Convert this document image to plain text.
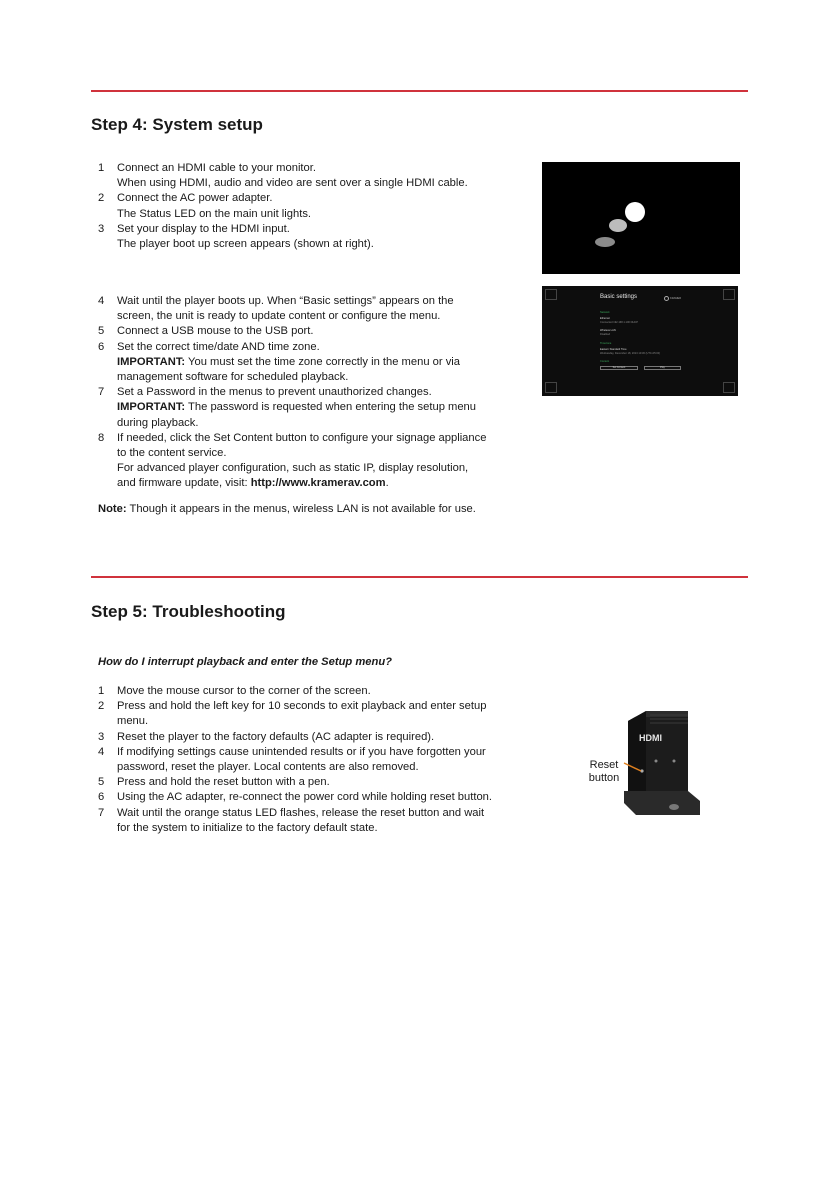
Step 4: System setup
1 Connect an HDMI cable to your monitor.
When using HDMI, audio and video are sent over a single HDMI cable.
2 Connect the AC power adapter.
The Status LED on the main unit lights.
3 Set your display to the HDMI input.
The player boot up screen appears (shown at right).
4 Wait until the player boots up. When “Basic settings” appears on the
screen, the unit is ready to update content or configure the menu.
5 Connect a USB mouse to the USB port.
6 Set the correct time/date AND time zone.
IMPORTANT: You must set the time zone correctly in the menu or via
management software for scheduled playback.
7 Set a Password in the menus to prevent unauthorized changes.
IMPORTANT: The password is requested when entering the setup menu
during playback.
8 If needed, click the Set Content button to configure your signage appliance
to the content service.
For advanced player configuration, such as static IP, display resolution,
and firmware update, visit: http://www.kramerav.com.
Note: Though it appears in the menus, wireless LAN is not available for use.
Basic settings	KRAMER
Network
Ethernet
Connected 192.168.1.100 DHCP
Wireless LAN
Disabled
Timezone
Eastern Standard Time
Wednesday, December 18, 2013 10:30 (UTC-05:00)
Content
Set Content	Play
Step 5: Troubleshooting
How do I interrupt playback and enter the Setup menu?
1 Move the mouse cursor to the corner of the screen.
2 Press and hold the left key for 10 seconds to exit playback and enter setup
menu.
3 Reset the player to the factory defaults (AC adapter is required).
4 If modifying settings cause unintended results or if you have forgotten your
password, reset the player. Local contents are also removed.
5 Press and hold the reset button with a pen.
6 Using the AC adapter, re-connect the power cord while holding reset button.
7 Wait until the orange status LED flashes, release the reset button and wait
for the system to initialize to the factory default state.
HDMI
Reset
button
